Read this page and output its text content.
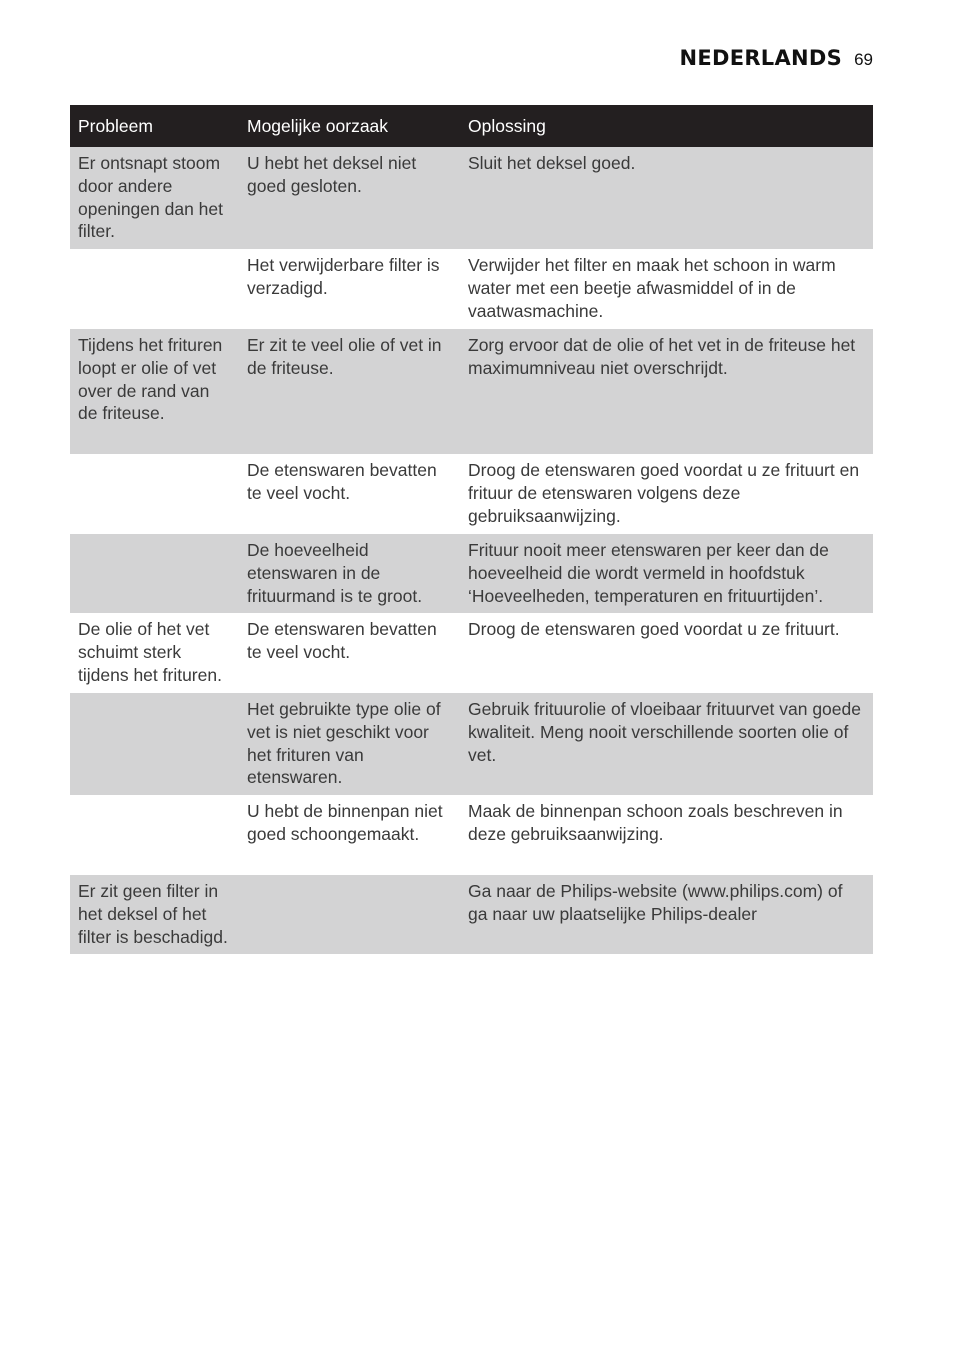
NEDERLANDS 69
Probleem	Mogelijke oorzaak	Oplossing
Er ontsnapt stoom door andere openingen dan het filter.
U hebt het deksel niet goed gesloten.
Sluit het deksel goed.
Het verwijderbare filter is verzadigd.
Verwijder het filter en maak het schoon in warm water met een beetje afwasmiddel of in de vaatwasmachine.
Tijdens het frituren loopt er olie of vet over de rand van de friteuse.
Er zit te veel olie of vet in de friteuse.
Zorg ervoor dat de olie of het vet in de friteuse het maximumniveau niet overschrijdt.
De etenswaren bevatten te veel vocht.
Droog de etenswaren goed voordat u ze frituurt en frituur de etenswaren volgens deze gebruiksaanwijzing.
De hoeveelheid etenswaren in de frituurmand is te groot.
Frituur nooit meer etenswaren per keer dan de hoeveelheid die wordt vermeld in hoofdstuk ‘Hoeveelheden, temperaturen en frituurtijden’.
De olie of het vet schuimt sterk tijdens het frituren.
De etenswaren bevatten te veel vocht.
Droog de etenswaren goed voordat u ze frituurt.
Het gebruikte type olie of vet is niet geschikt voor het frituren van etenswaren.
Gebruik frituurolie of vloeibaar frituurvet van goede kwaliteit. Meng nooit verschillende soorten olie of vet.
U hebt de binnenpan niet goed schoongemaakt.
Maak de binnenpan schoon zoals beschreven in deze gebruiksaanwijzing.
Er zit geen filter in het deksel of het filter is beschadigd.
Ga naar de Philips-website (www.philips.com) of ga naar uw plaatselijke Philips-dealer
